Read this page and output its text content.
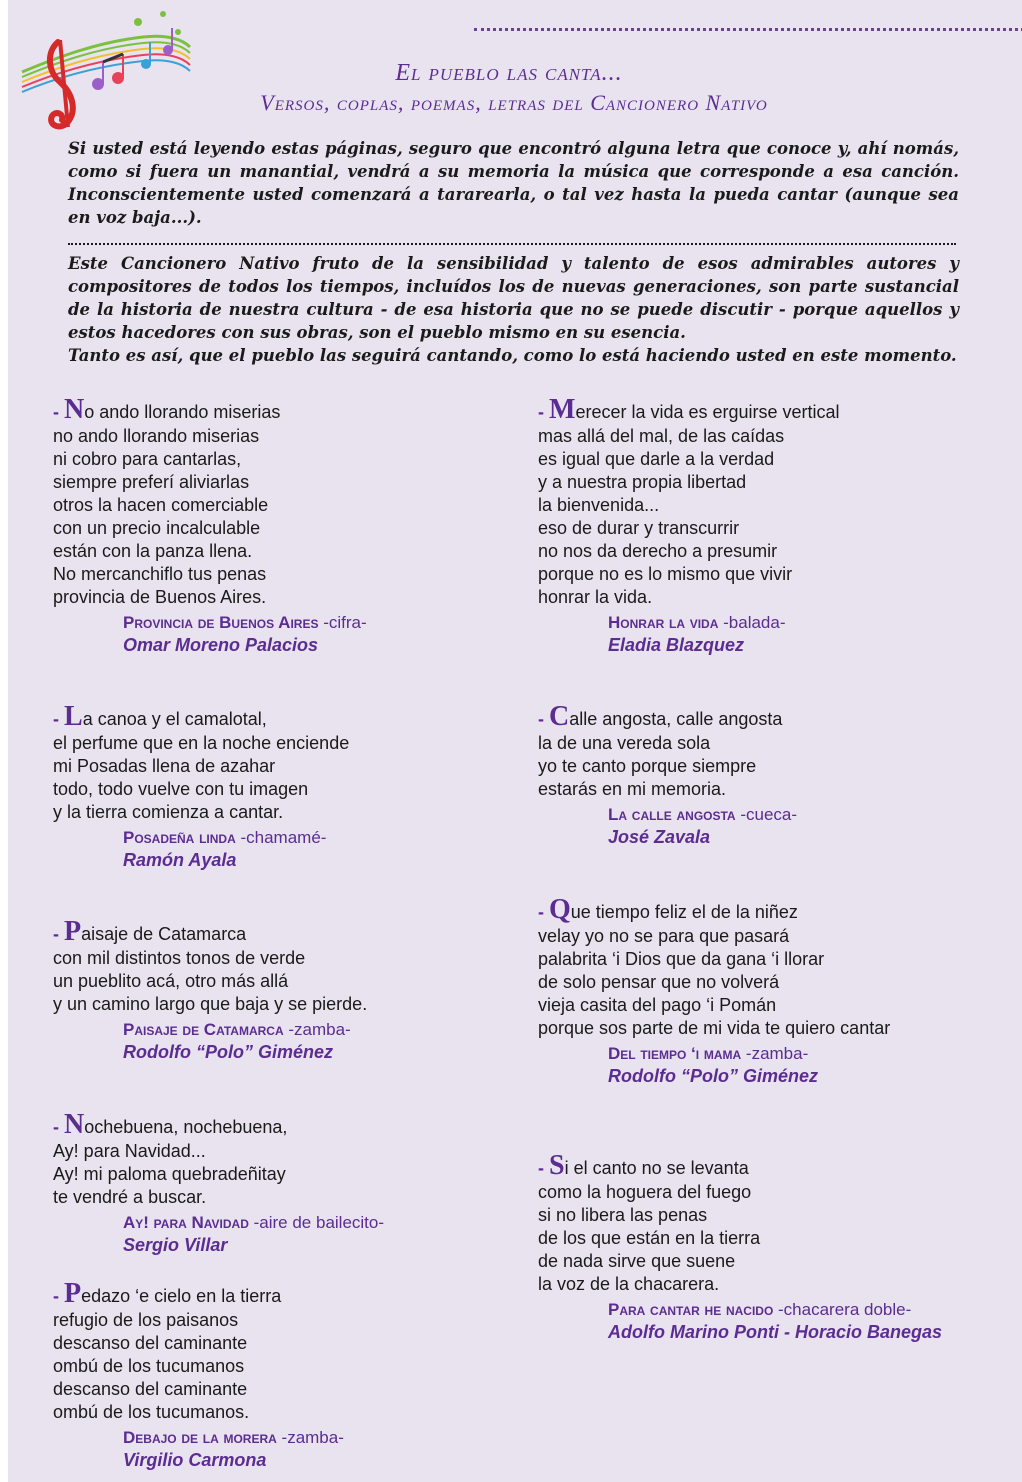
El pueblo las canta...
Versos, coplas, poemas, letras del Cancionero Nativo
Si usted está leyendo estas páginas, seguro que encontró alguna letra que conoce y, ahí nomás, como si fuera un manantial, vendrá a su memoria la música que corresponde a esa canción. Inconscientemente usted comenzará a tararearla, o tal vez hasta la pueda cantar (aunque sea en voz baja...).
Este Cancionero Nativo fruto de la sensibilidad y talento de esos admirables autores y compositores de todos los tiempos, incluídos los de nuevas generaciones, son parte sustancial de la historia de nuestra cultura - de esa historia que no se puede discutir - porque aquellos y estos hacedores con sus obras, son el pueblo mismo en su esencia.
Tanto es así, que el pueblo las seguirá cantando, como lo está haciendo usted en este momento.
- No ando llorando miserias
no ando llorando miserias
ni cobro para cantarlas,
siempre preferí aliviarlas
otros la hacen comerciable
con un precio incalculable
están con la panza llena.
No mercanchiflo tus penas
provincia de Buenos Aires.
Provincia de Buenos Aires -cifra-
Omar Moreno Palacios
- La canoa y el camalotal,
el perfume que en la noche enciende
mi Posadas llena de azahar
todo, todo vuelve con tu imagen
y la tierra comienza a cantar.
Posadeña linda -chamamé-
Ramón Ayala
- Paisaje de Catamarca
con mil distintos tonos de verde
un pueblito acá, otro más allá
y un camino largo que baja y se pierde.
Paisaje de Catamarca -zamba-
Rodolfo “Polo” Giménez
- Nochebuena, nochebuena,
Ay! para Navidad...
Ay! mi paloma quebradeñitay
te vendré a buscar.
Ay! para Navidad -aire de bailecito-
Sergio Villar
- Pedazo ‘e cielo en la tierra
refugio de los paisanos
descanso del caminante
ombú de los tucumanos
descanso del caminante
ombú de los tucumanos.
Debajo de la morera -zamba-
Virgilio Carmona
- Merecer la vida es erguirse vertical
mas allá del mal, de las caídas
es igual que darle a la verdad
y a nuestra propia libertad
la bienvenida...
eso de durar y transcurrir
no nos da derecho a presumir
porque no es lo mismo que vivir
honrar la vida.
Honrar la vida -balada-
Eladia Blazquez
- Calle angosta, calle angosta
la de una vereda sola
yo te canto porque siempre
estarás en mi memoria.
La calle angosta -cueca-
José Zavala
- Que tiempo feliz el de la niñez
velay yo no se para que pasará
palabrita ‘i Dios que da gana ‘i llorar
de solo pensar que no volverá
vieja casita del pago ‘i Pomán
porque sos parte de mi vida te quiero cantar
Del tiempo ‘i mama -zamba-
Rodolfo “Polo” Giménez
- Si el canto no se levanta
como la hoguera del fuego
si no libera las penas
de los que están en la tierra
de nada sirve que suene
la voz de la chacarera.
Para cantar he nacido -chacarera doble-
Adolfo Marino Ponti - Horacio Banegas
